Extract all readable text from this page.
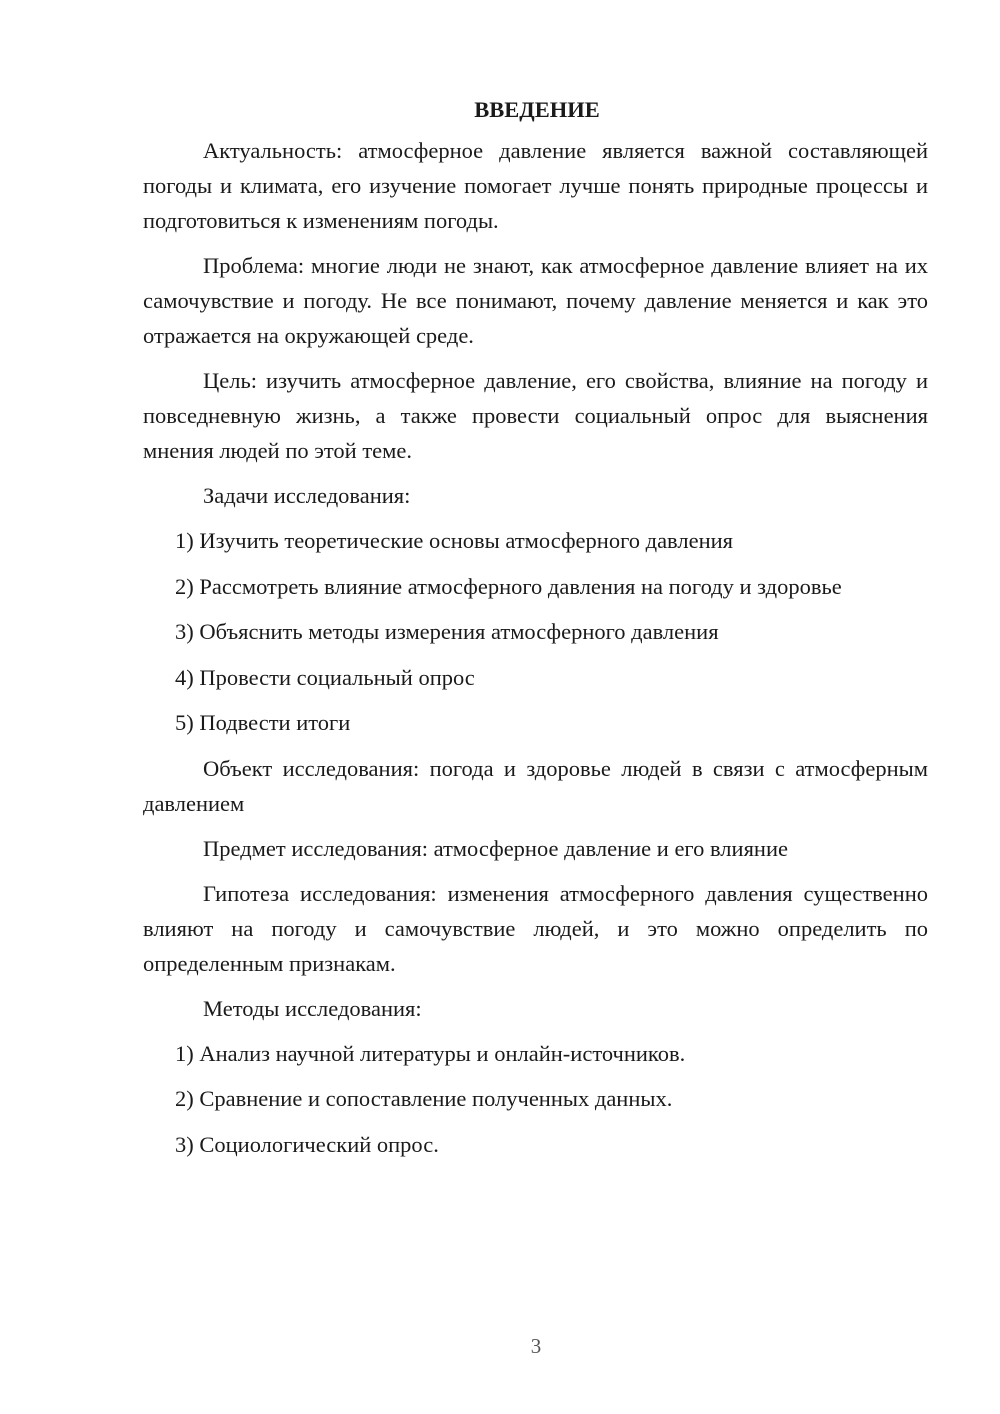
ВВЕДЕНИЕ

Актуальность: атмосферное давление является важной составляющей погоды и климата, его изучение помогает лучше понять природные процессы и подготовиться к изменениям погоды.

Проблема: многие люди не знают, как атмосферное давление влияет на их самочувствие и погоду. Не все понимают, почему давление меняется и как это отражается на окружающей среде.

Цель: изучить атмосферное давление, его свойства, влияние на погоду и повседневную жизнь, а также провести социальный опрос для выяснения мнения людей по этой теме.

Задачи исследования:

1) Изучить теоретические основы атмосферного давления
2) Рассмотреть влияние атмосферного давления на погоду и здоровье
3) Объяснить методы измерения атмосферного давления
4) Провести социальный опрос
5) Подвести итоги

Объект исследования: погода и здоровье людей в связи с атмосферным давлением

Предмет исследования: атмосферное давление и его влияние

Гипотеза исследования: изменения атмосферного давления существенно влияют на погоду и самочувствие людей, и это можно определить по определенным признакам.

Методы исследования:

1) Анализ научной литературы и онлайн-источников.
2) Сравнение и сопоставление полученных данных.
3) Социологический опрос.
3
